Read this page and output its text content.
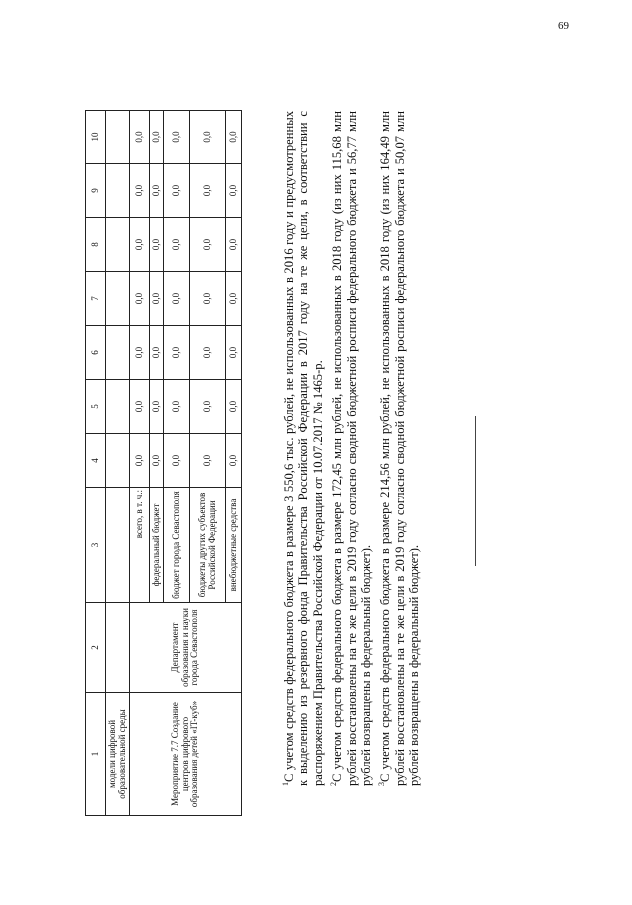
69
1	2	3	4	5	6	7	8	9	10
модели цифровой образовательной среды									
Мероприятие 7.7 Создание центров цифрового образования детей «IT-куб»	Департамент образования и науки города Севастополя	всего, в т. ч.:	0,0	0,0	0,0	0,0	0,0	0,0	0,0
		федеральный бюджет	0,0	0,0	0,0	0,0	0,0	0,0	0,0
		бюджет города Севастополя	0,0	0,0	0,0	0,0	0,0	0,0	0,0
		бюджеты других субъектов Российской Федерации	0,0	0,0	0,0	0,0	0,0	0,0	0,0
		внебюджетные средства	0,0	0,0	0,0	0,0	0,0	0,0	0,0

$^1$С учетом средств федерального бюджета в размере 3 550,6 тыс. рублей, не использованных в 2016 году и предусмотренных к выделению из резервного фонда Правительства Российской Федерации в 2017 году на те же цели, в соответствии с распоряжением Правительства Российской Федерации от 10.07.2017 № 1465-р. $^2$С учетом средств федерального бюджета в размере 172,45 млн рублей, не использованных в 2018 году (из них 115,68 млн рублей восстановлены на те же цели в 2019 году согласно сводной бюджетной росписи федерального бюджета и 56,77 млн рублей возвращены в федеральный бюджет). $^3$С учетом средств федерального бюджета в размере 214,56 млн рублей, не использованных в 2018 году (из них 164,49 млн рублей восстановлены на те же цели в 2019 году согласно сводной бюджетной росписи федерального бюджета и 50,07 млн рублей возвращены в федеральный бюджет).
